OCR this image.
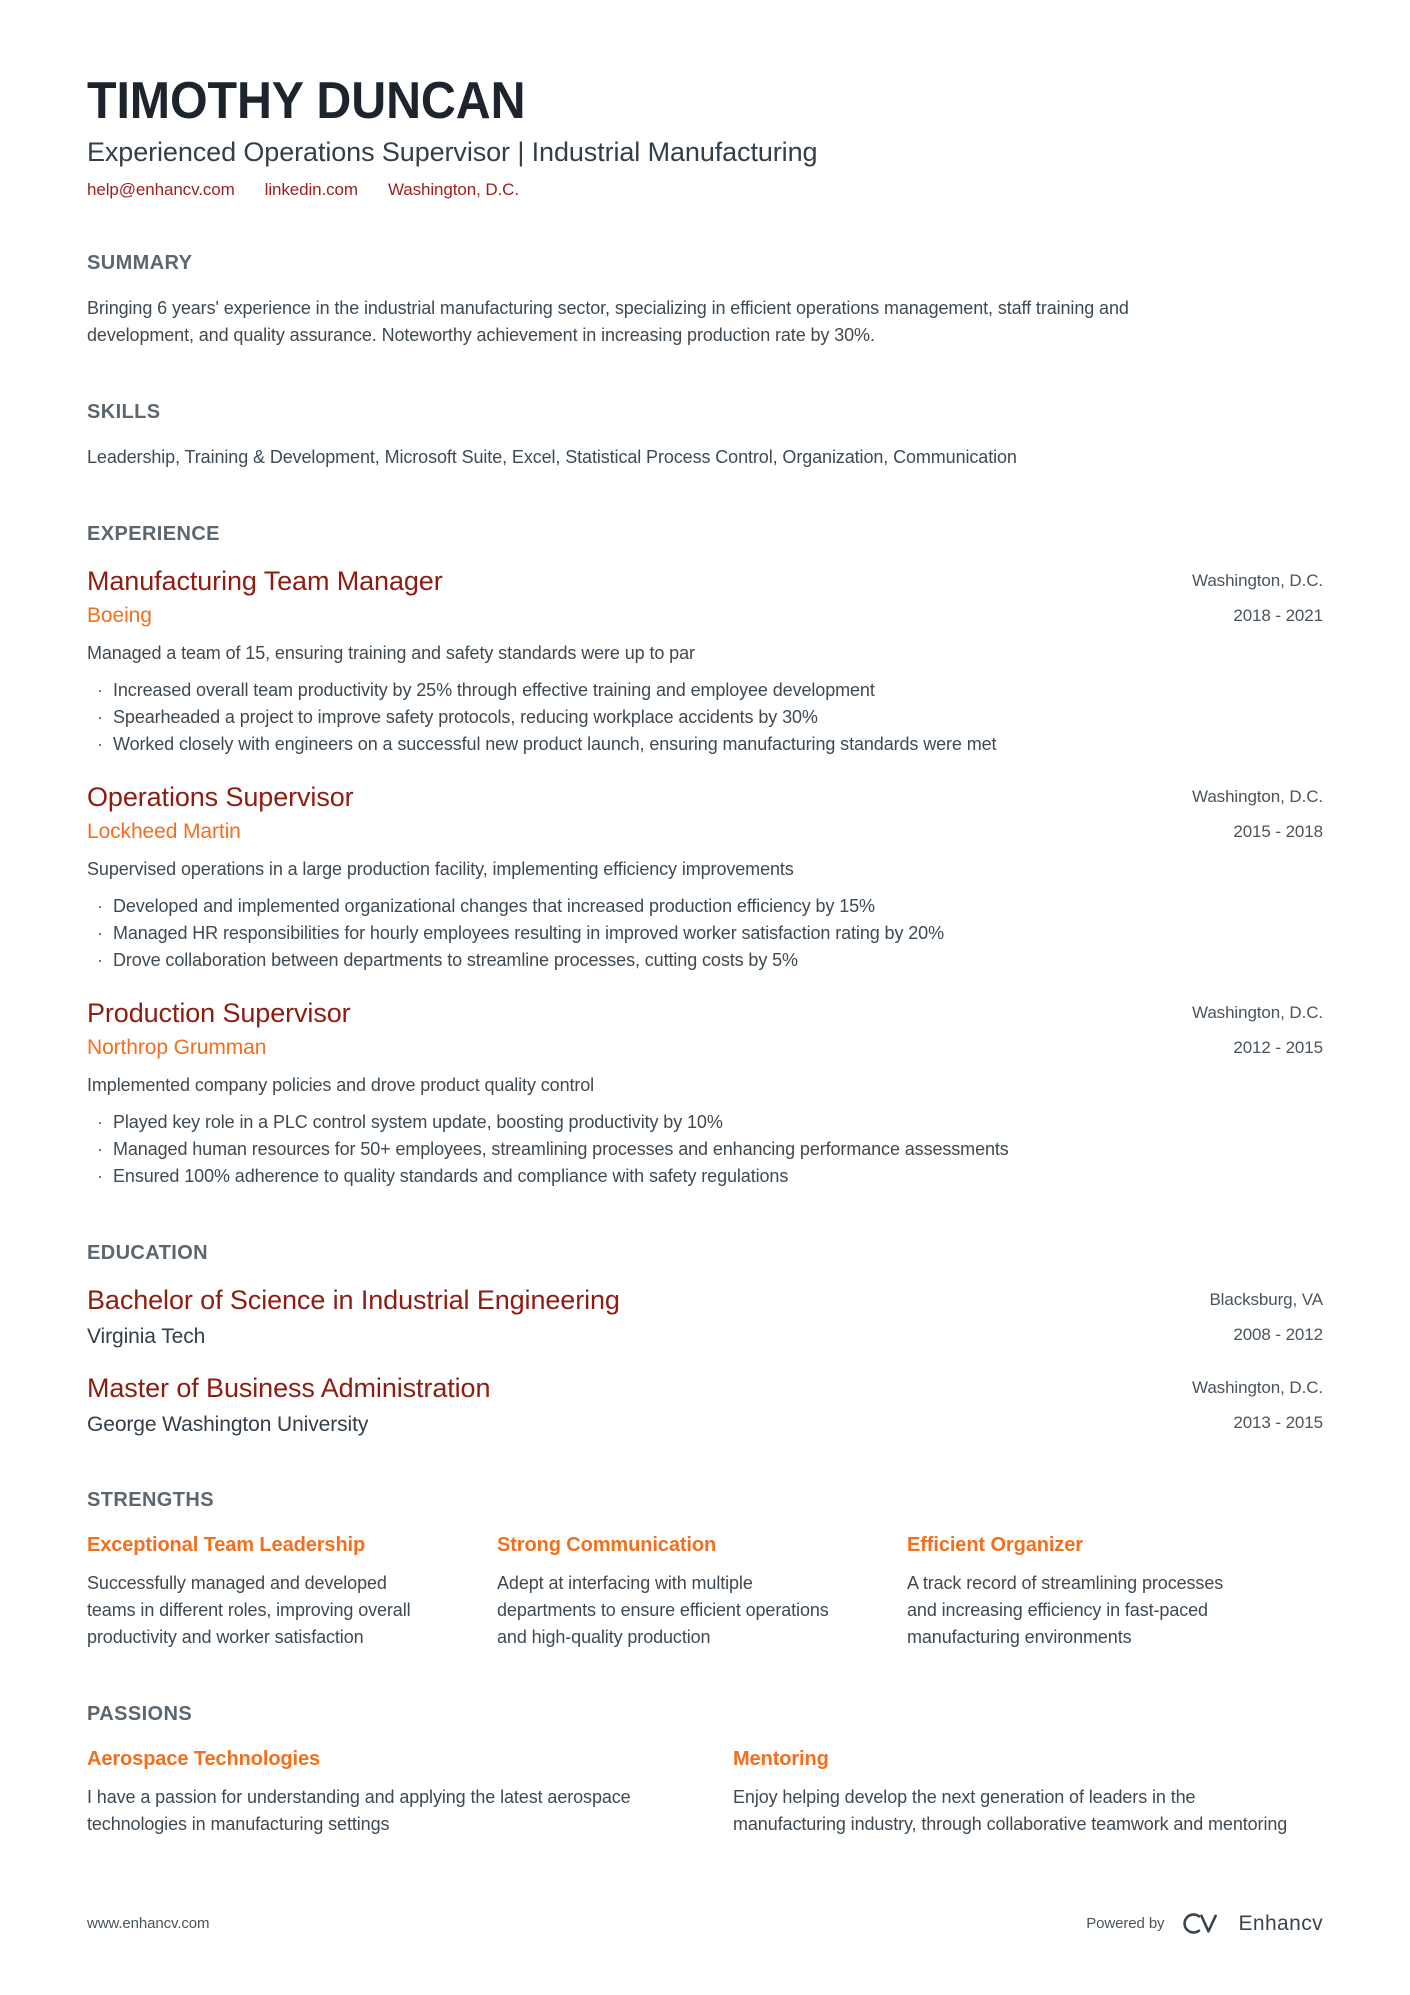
TIMOTHY DUNCAN
Experienced Operations Supervisor | Industrial Manufacturing
help@enhancv.com linkedin.com Washington, D.C.
SUMMARY

Bringing 6 years' experience in the industrial manufacturing sector, specializing in efficient operations management, staff training and development, and quality assurance. Noteworthy achievement in increasing production rate by 30%.

SKILLS

Leadership, Training & Development, Microsoft Suite, Excel, Statistical Process Control, Organization, Communication

EXPERIENCE
Manufacturing Team Manager
Boeing
Washington, D.C.
2018 - 2021

Managed a team of 15, ensuring training and safety standards were up to par

· Increased overall team productivity by 25% through effective training and employee development
· Spearheaded a project to improve safety protocols, reducing workplace accidents by 30%
· Worked closely with engineers on a successful new product launch, ensuring manufacturing standards were met
Operations Supervisor
Lockheed Martin
Washington, D.C.
2015 - 2018

Supervised operations in a large production facility, implementing efficiency improvements

· Developed and implemented organizational changes that increased production efficiency by 15%
· Managed HR responsibilities for hourly employees resulting in improved worker satisfaction rating by 20%
· Drove collaboration between departments to streamline processes, cutting costs by 5%
Production Supervisor
Northrop Grumman
Washington, D.C.
2012 - 2015

Implemented company policies and drove product quality control

· Played key role in a PLC control system update, boosting productivity by 10%
· Managed human resources for 50+ employees, streamlining processes and enhancing performance assessments
· Ensured 100% adherence to quality standards and compliance with safety regulations
EDUCATION
Bachelor of Science in Industrial Engineering
Virginia Tech
Blacksburg, VA
2008 - 2012
Master of Business Administration
George Washington University
Washington, D.C.
2013 - 2015
STRENGTHS
Exceptional Team Leadership

Successfully managed and developed teams in different roles, improving overall productivity and worker satisfaction

Strong Communication

Adept at interfacing with multiple departments to ensure efficient operations and high-quality production

Efficient Organizer

A track record of streamlining processes and increasing efficiency in fast-paced manufacturing environments

PASSIONS
Aerospace Technologies

I have a passion for understanding and applying the latest aerospace technologies in manufacturing settings

Mentoring

Enjoy helping develop the next generation of leaders in the manufacturing industry, through collaborative teamwork and mentoring

www.enhancv.com	Powered by	Enhancv
